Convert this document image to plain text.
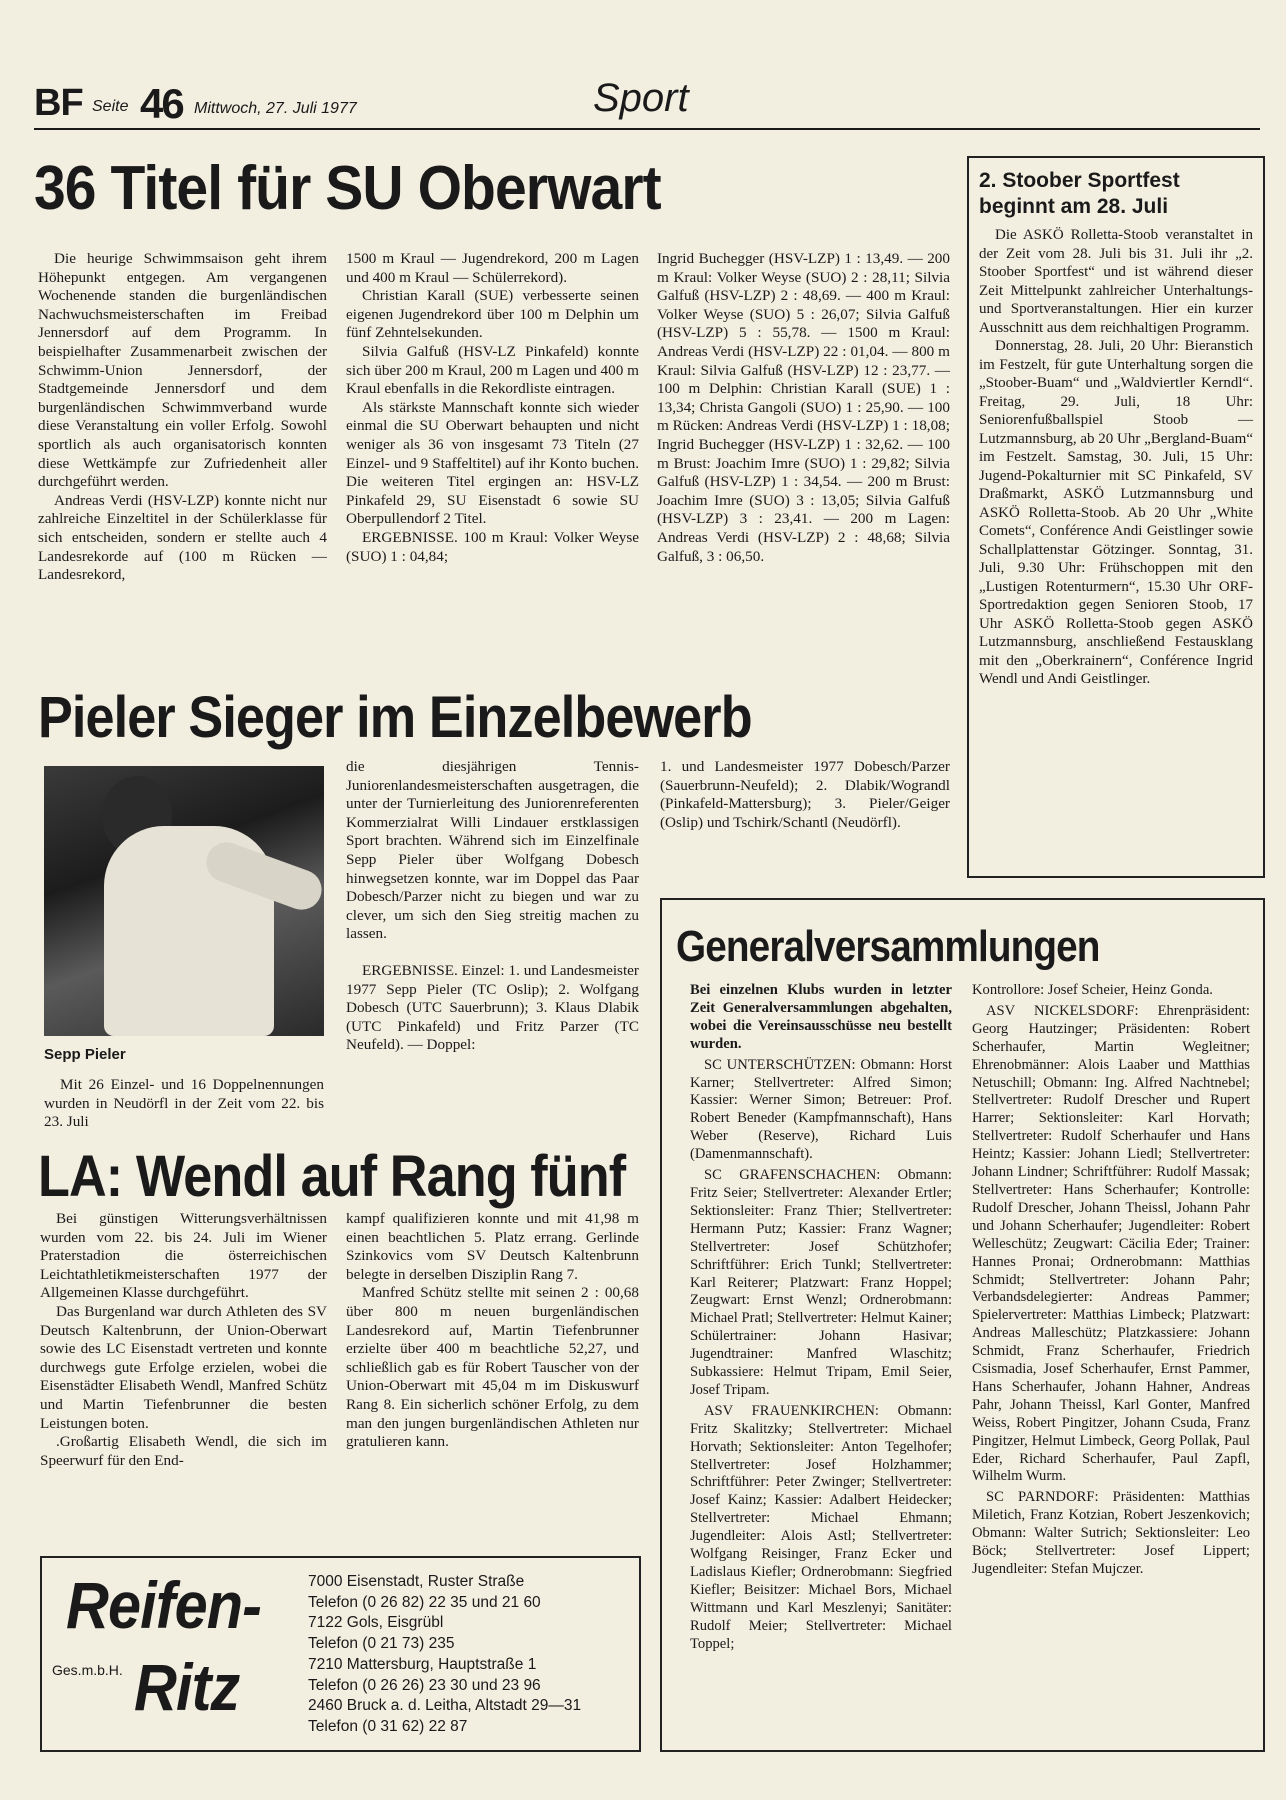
BF Seite 46 Mittwoch, 27. Juli 1977	Sport
36 Titel für SU Oberwart

Die heurige Schwimmsaison geht ihrem Höhepunkt entgegen. Am vergangenen Wochenende standen die burgenländischen Nachwuchsmeisterschaften im Freibad Jennersdorf auf dem Programm. In beispielhafter Zusammenarbeit zwischen der Schwimm-Union Jennersdorf, der Stadtgemeinde Jennersdorf und dem burgenländischen Schwimmverband wurde diese Veranstaltung ein voller Erfolg. Sowohl sportlich als auch organisatorisch konnten diese Wettkämpfe zur Zufriedenheit aller durchgeführt werden.

Andreas Verdi (HSV-LZP) konnte nicht nur zahlreiche Einzeltitel in der Schülerklasse für sich entscheiden, sondern er stellte auch 4 Landesrekorde auf (100 m Rücken — Landesrekord,

1500 m Kraul — Jugendrekord, 200 m Lagen und 400 m Kraul — Schülerrekord).

Christian Karall (SUE) verbesserte seinen eigenen Jugendrekord über 100 m Delphin um fünf Zehntelsekunden.

Silvia Galfuß (HSV-LZ Pinkafeld) konnte sich über 200 m Kraul, 200 m Lagen und 400 m Kraul ebenfalls in die Rekordliste eintragen.

Als stärkste Mannschaft konnte sich wieder einmal die SU Oberwart behaupten und nicht weniger als 36 von insgesamt 73 Titeln (27 Einzel- und 9 Staffeltitel) auf ihr Konto buchen. Die weiteren Titel ergingen an: HSV-LZ Pinkafeld 29, SU Eisenstadt 6 sowie SU Oberpullendorf 2 Titel.

ERGEBNISSE. 100 m Kraul: Volker Weyse (SUO) 1 : 04,84;

Ingrid Buchegger (HSV-LZP) 1 : 13,49. — 200 m Kraul: Volker Weyse (SUO) 2 : 28,11; Silvia Galfuß (HSV-LZP) 2 : 48,69. — 400 m Kraul: Volker Weyse (SUO) 5 : 26,07; Silvia Galfuß (HSV-LZP) 5 : 55,78. — 1500 m Kraul: Andreas Verdi (HSV-LZP) 22 : 01,04. — 800 m Kraul: Silvia Galfuß (HSV-LZP) 12 : 23,77. — 100 m Delphin: Christian Karall (SUE) 1 : 13,34; Christa Gangoli (SUO) 1 : 25,90. — 100 m Rücken: Andreas Verdi (HSV-LZP) 1 : 18,08; Ingrid Buchegger (HSV-LZP) 1 : 32,62. — 100 m Brust: Joachim Imre (SUO) 1 : 29,82; Silvia Galfuß (HSV-LZP) 1 : 34,54. — 200 m Brust: Joachim Imre (SUO) 3 : 13,05; Silvia Galfuß (HSV-LZP) 3 : 23,41. — 200 m Lagen: Andreas Verdi (HSV-LZP) 2 : 48,68; Silvia Galfuß, 3 : 06,50.

2. Stoober Sportfest beginnt am 28. Juli

Die ASKÖ Rolletta-Stoob veranstaltet in der Zeit vom 28. Juli bis 31. Juli ihr „2. Stoober Sportfest“ und ist während dieser Zeit Mittelpunkt zahlreicher Unterhaltungs- und Sportveranstaltungen. Hier ein kurzer Ausschnitt aus dem reichhaltigen Programm.

Donnerstag, 28. Juli, 20 Uhr: Bieranstich im Festzelt, für gute Unterhaltung sorgen die „Stoober-Buam“ und „Waldviertler Kerndl“. Freitag, 29. Juli, 18 Uhr: Seniorenfußballspiel Stoob — Lutzmannsburg, ab 20 Uhr „Bergland-Buam“ im Festzelt. Samstag, 30. Juli, 15 Uhr: Jugend-Pokalturnier mit SC Pinkafeld, SV Draßmarkt, ASKÖ Lutzmannsburg und ASKÖ Rolletta-Stoob. Ab 20 Uhr „White Comets“, Conférence Andi Geistlinger sowie Schallplattenstar Götzinger. Sonntag, 31. Juli, 9.30 Uhr: Frühschoppen mit den „Lustigen Rotenturmern“, 15.30 Uhr ORF-Sportredaktion gegen Senioren Stoob, 17 Uhr ASKÖ Rolletta-Stoob gegen ASKÖ Lutzmannsburg, anschließend Festausklang mit den „Oberkrainern“, Conférence Ingrid Wendl und Andi Geistlinger.

Pieler Sieger im Einzelbewerb
Sepp Pieler

Mit 26 Einzel- und 16 Doppelnennungen wurden in Neudörfl in der Zeit vom 22. bis 23. Juli

die diesjährigen Tennis-Juniorenlandesmeisterschaften ausgetragen, die unter der Turnierleitung des Juniorenreferenten Kommerzialrat Willi Lindauer erstklassigen Sport brachten. Während sich im Einzelfinale Sepp Pieler über Wolfgang Dobesch hinwegsetzen konnte, war im Doppel das Paar Dobesch/Parzer nicht zu biegen und war zu clever, um sich den Sieg streitig machen zu lassen.

ERGEBNISSE. Einzel: 1. und Landesmeister 1977 Sepp Pieler (TC Oslip); 2. Wolfgang Dobesch (UTC Sauerbrunn); 3. Klaus Dlabik (UTC Pinkafeld) und Fritz Parzer (TC Neufeld). — Doppel:

1. und Landesmeister 1977 Dobesch/Parzer (Sauerbrunn-Neufeld); 2. Dlabik/Wograndl (Pinkafeld-Mattersburg); 3. Pieler/Geiger (Oslip) und Tschirk/Schantl (Neudörfl).

LA: Wendl auf Rang fünf

Bei günstigen Witterungsverhältnissen wurden vom 22. bis 24. Juli im Wiener Praterstadion die österreichischen Leichtathletikmeisterschaften 1977 der Allgemeinen Klasse durchgeführt.

Das Burgenland war durch Athleten des SV Deutsch Kaltenbrunn, der Union-Oberwart sowie des LC Eisenstadt vertreten und konnte durchwegs gute Erfolge erzielen, wobei die Eisenstädter Elisabeth Wendl, Manfred Schütz und Martin Tiefenbrunner die besten Leistungen boten.

.Großartig Elisabeth Wendl, die sich im Speerwurf für den End-

kampf qualifizieren konnte und mit 41,98 m einen beachtlichen 5. Platz errang. Gerlinde Szinkovics vom SV Deutsch Kaltenbrunn belegte in derselben Disziplin Rang 7.

Manfred Schütz stellte mit seinen 2 : 00,68 über 800 m neuen burgenländischen Landesrekord auf, Martin Tiefenbrunner erzielte über 400 m beachtliche 52,27, und schließlich gab es für Robert Tauscher von der Union-Oberwart mit 45,04 m im Diskuswurf Rang 8. Ein sicherlich schöner Erfolg, zu dem man den jungen burgenländischen Athleten nur gratulieren kann.

Generalversammlungen

Bei einzelnen Klubs wurden in letzter Zeit Generalversammlungen abgehalten, wobei die Vereinsausschüsse neu bestellt wurden.

SC UNTERSCHÜTZEN: Obmann: Horst Karner; Stellvertreter: Alfred Simon; Kassier: Werner Simon; Betreuer: Prof. Robert Beneder (Kampfmannschaft), Hans Weber (Reserve), Richard Luis (Damenmannschaft).

SC GRAFENSCHACHEN: Obmann: Fritz Seier; Stellvertreter: Alexander Ertler; Sektionsleiter: Franz Thier; Stellvertreter: Hermann Putz; Kassier: Franz Wagner; Stellvertreter: Josef Schützhofer; Schriftführer: Erich Tunkl; Stellvertreter: Karl Reiterer; Platzwart: Franz Hoppel; Zeugwart: Ernst Wenzl; Ordnerobmann: Michael Pratl; Stellvertreter: Helmut Kainer; Schülertrainer: Johann Hasivar; Jugendtrainer: Manfred Wlaschitz; Subkassiere: Helmut Tripam, Emil Seier, Josef Tripam.

ASV FRAUENKIRCHEN: Obmann: Fritz Skalitzky; Stellvertreter: Michael Horvath; Sektionsleiter: Anton Tegelhofer; Stellvertreter: Josef Holzhammer; Schriftführer: Peter Zwinger; Stellvertreter: Josef Kainz; Kassier: Adalbert Heidecker; Stellvertreter: Michael Ehmann; Jugendleiter: Alois Astl; Stellvertreter: Wolfgang Reisinger, Franz Ecker und Ladislaus Kiefler; Ordnerobmann: Siegfried Kiefler; Beisitzer: Michael Bors, Michael Wittmann und Karl Meszlenyi; Sanitäter: Rudolf Meier; Stellvertreter: Michael Toppel;

Kontrollore: Josef Scheier, Heinz Gonda.

ASV NICKELSDORF: Ehrenpräsident: Georg Hautzinger; Präsidenten: Robert Scherhaufer, Martin Wegleitner; Ehrenobmänner: Alois Laaber und Matthias Netuschill; Obmann: Ing. Alfred Nachtnebel; Stellvertreter: Rudolf Drescher und Rupert Harrer; Sektionsleiter: Karl Horvath; Stellvertreter: Rudolf Scherhaufer und Hans Heintz; Kassier: Johann Liedl; Stellvertreter: Johann Lindner; Schriftführer: Rudolf Massak; Stellvertreter: Hans Scherhaufer; Kontrolle: Rudolf Drescher, Johann Theissl, Johann Pahr und Johann Scherhaufer; Jugendleiter: Robert Welleschütz; Zeugwart: Cäcilia Eder; Trainer: Hannes Pronai; Ordnerobmann: Matthias Schmidt; Stellvertreter: Johann Pahr; Verbandsdelegierter: Andreas Pammer; Spielervertreter: Matthias Limbeck; Platzwart: Andreas Malleschütz; Platzkassiere: Johann Schmidt, Franz Scherhaufer, Friedrich Csismadia, Josef Scherhaufer, Ernst Pammer, Hans Scherhaufer, Johann Hahner, Andreas Pahr, Johann Theissl, Karl Gonter, Manfred Weiss, Robert Pingitzer, Johann Csuda, Franz Pingitzer, Helmut Limbeck, Georg Pollak, Paul Eder, Richard Scherhaufer, Paul Zapfl, Wilhelm Wurm.

SC PARNDORF: Präsidenten: Matthias Miletich, Franz Kotzian, Robert Jeszenkovich; Obmann: Walter Sutrich; Sektionsleiter: Leo Böck; Stellvertreter: Josef Lippert; Jugendleiter: Stefan Mujczer.

Reifen-
Ges.m.b.H. Ritz
7000 Eisenstadt, Ruster Straße
Telefon (0 26 82) 22 35 und 21 60
7122 Gols, Eisgrübl
Telefon (0 21 73) 235
7210 Mattersburg, Hauptstraße 1
Telefon (0 26 26) 23 30 und 23 96
2460 Bruck a. d. Leitha, Altstadt 29—31
Telefon (0 31 62) 22 87
